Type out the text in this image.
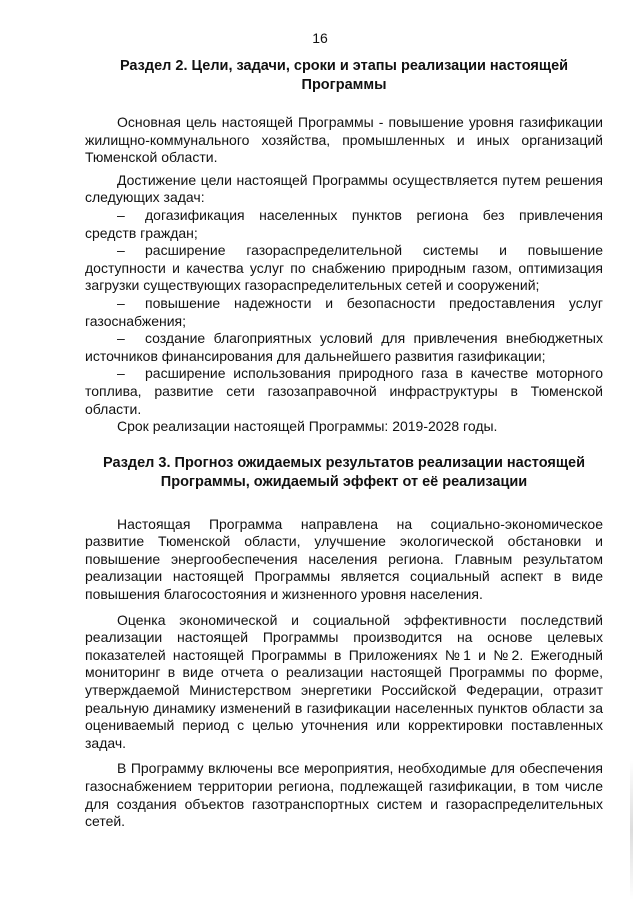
16
Раздел 2. Цели, задачи, сроки и этапы реализации настоящей Программы

Основная цель настоящей Программы - повышение уровня газификации жилищно-коммунального хозяйства, промышленных и иных организаций Тюменской области.

Достижение цели настоящей Программы осуществляется путем решения следующих задач:

– догазификация населенных пунктов региона без привлечения средств граждан;

– расширение газораспределительной системы и повышение доступности и качества услуг по снабжению природным газом, оптимизация загрузки существующих газораспределительных сетей и сооружений;

– повышение надежности и безопасности предоставления услуг газоснабжения;

– создание благоприятных условий для привлечения внебюджетных источников финансирования для дальнейшего развития газификации;

– расширение использования природного газа в качестве моторного топлива, развитие сети газозаправочной инфраструктуры в Тюменской области.

Срок реализации настоящей Программы: 2019-2028 годы.

Раздел 3. Прогноз ожидаемых результатов реализации настоящей
Программы, ожидаемый эффект от её реализации

Настоящая Программа направлена на социально-экономическое развитие Тюменской области, улучшение экологической обстановки и повышение энергообеспечения населения региона. Главным результатом реализации настоящей Программы является социальный аспект в виде повышения благосостояния и жизненного уровня населения.

Оценка экономической и социальной эффективности последствий реализации настоящей Программы производится на основе целевых показателей настоящей Программы в Приложениях №1 и №2. Ежегодный мониторинг в виде отчета о реализации настоящей Программы по форме, утверждаемой Министерством энергетики Российской Федерации, отразит реальную динамику изменений в газификации населенных пунктов области за оцениваемый период с целью уточнения или корректировки поставленных задач.

В Программу включены все мероприятия, необходимые для обеспечения газоснабжением территории региона, подлежащей газификации, в том числе для создания объектов газотранспортных систем и газораспределительных сетей.
